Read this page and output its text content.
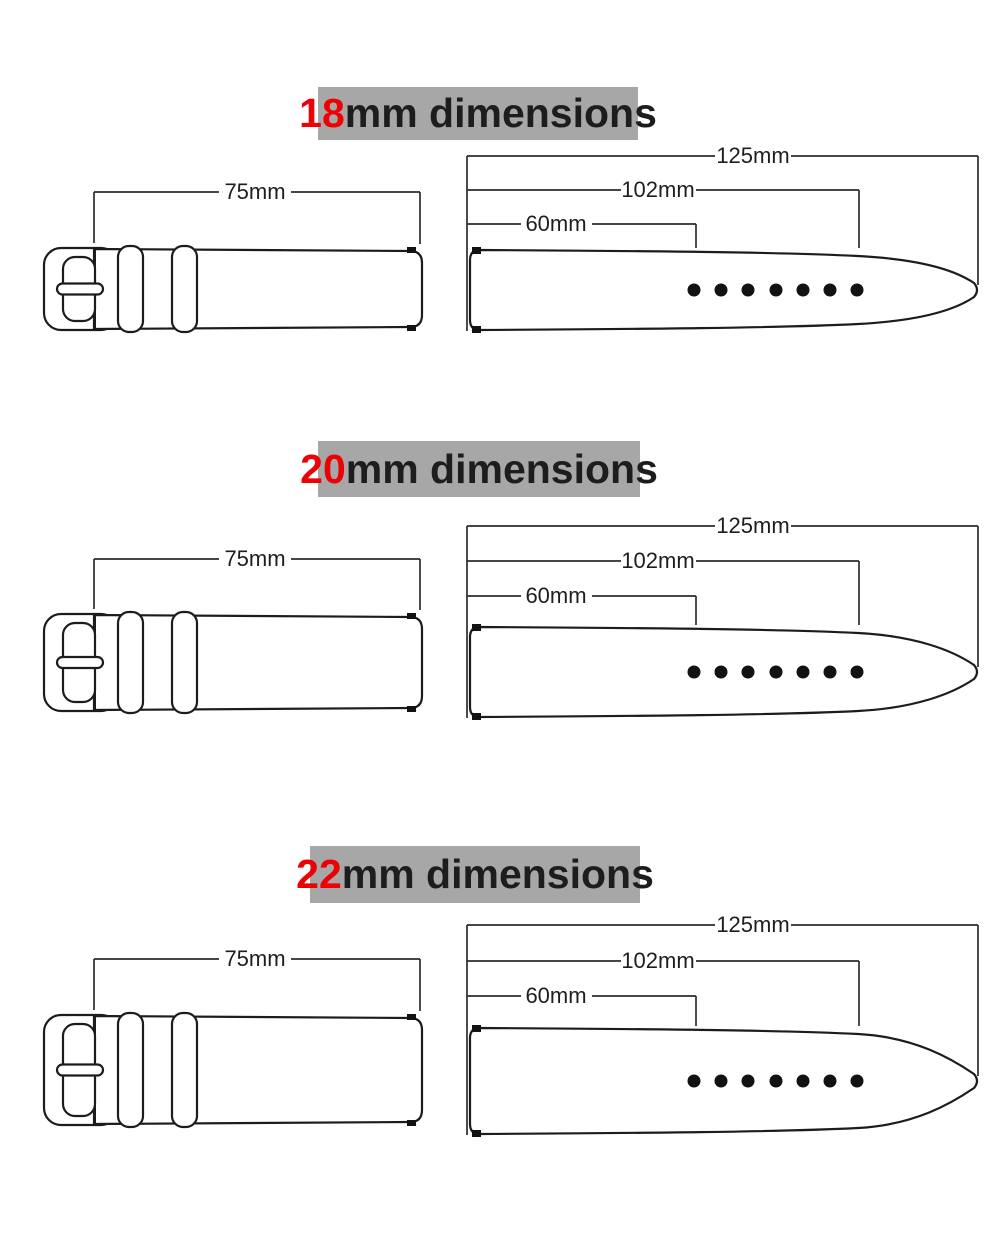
18 mm dimensions
20 mm dimensions
22 mm dimensions
75mm
125mm
102mm
60mm
75mm
125mm
102mm
60mm
75mm
125mm
102mm
60mm
